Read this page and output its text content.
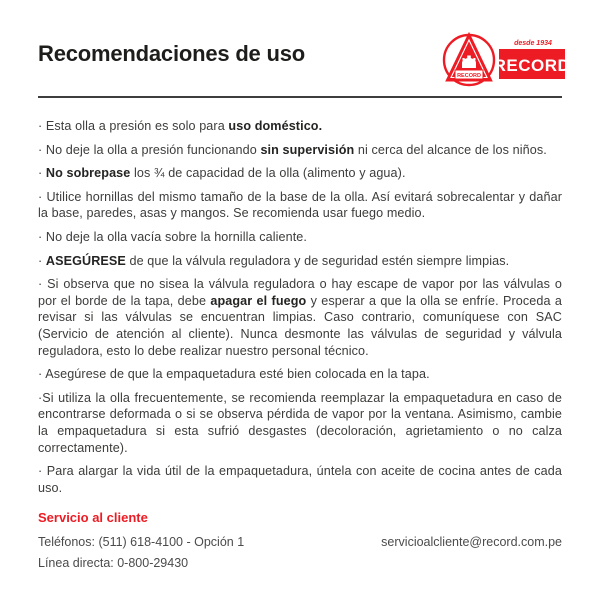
Recomendaciones de uso	desde 1934
RECORD
RECORD

· Esta olla a presión es solo para uso doméstico.

· No deje la olla a presión funcionando sin supervisión ni cerca del alcance de los niños.

· No sobrepase los ¾ de capacidad de la olla (alimento y agua).

· Utilice hornillas del mismo tamaño de la base de la olla. Así evitará sobrecalentar y dañar la base, paredes, asas y mangos. Se recomienda usar fuego medio.

· No deje la olla vacía sobre la hornilla caliente.

· ASEGÚRESE de que la válvula reguladora y de seguridad estén siempre limpias.

· Si observa que no sisea la válvula reguladora o hay escape de vapor por las válvulas o por el borde de la tapa, debe apagar el fuego y esperar a que la olla se enfríe. Proceda a revisar si las válvulas se encuentran limpias. Caso contrario, comuníquese con SAC (Servicio de atención al cliente). Nunca desmonte las válvulas de seguridad y válvula reguladora, esto lo debe realizar nuestro personal técnico.

· Asegúrese de que la empaquetadura esté bien colocada en la tapa.

·Si utiliza la olla frecuentemente, se recomienda reemplazar la empaquetadura en caso de encontrarse deformada o si se observa pérdida de vapor por la ventana. Asimismo, cambie la empaquetadura si esta sufrió desgastes (decoloración, agrietamiento o no calza correctamente).

· Para alargar la vida útil de la empaquetadura, úntela con aceite de cocina antes de cada uso.

Servicio al cliente

Teléfonos: (511) 618-4100 - Opción 1
Línea directa: 0-800-29430
servicioalcliente@record.com.pe
